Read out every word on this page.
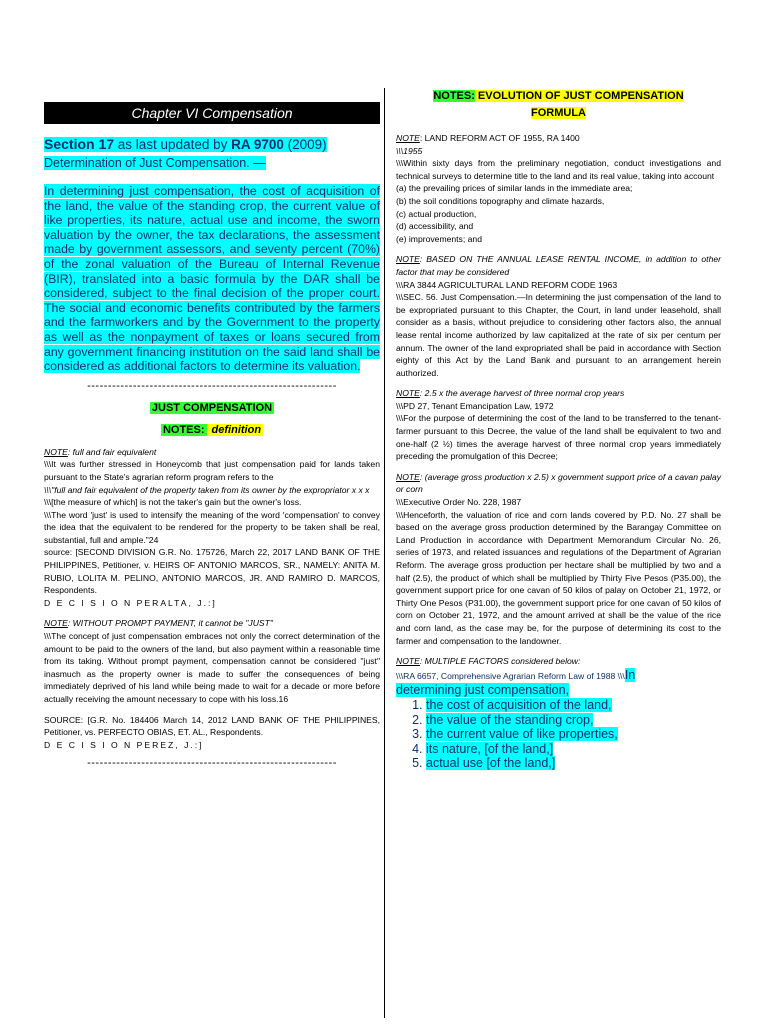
Chapter VI Compensation
Section 17 as last updated by RA 9700 (2009)
Determination of Just Compensation. —
In determining just compensation, the cost of acquisition of the land, the value of the standing crop, the current value of like properties, its nature, actual use and income, the sworn valuation by the owner, the tax declarations, the assessment made by government assessors, and seventy percent (70%) of the zonal valuation of the Bureau of Internal Revenue (BIR), translated into a basic formula by the DAR shall be considered, subject to the final decision of the proper court. The social and economic benefits contributed by the farmers and the farmworkers and by the Government to the property as well as the nonpayment of taxes or loans secured from any government financing institution on the said land shall be considered as additional factors to determine its valuation.
------------------------------------------------------------
JUST COMPENSATION
NOTES: definition

NOTE: full and fair equivalent

\\\It was further stressed in Honeycomb that just compensation paid for lands taken pursuant to the State's agrarian reform program refers to the

\\\"full and fair equivalent of the property taken from its owner by the expropriator x x x

\\\[the measure of which] is not the taker's gain but the owner's loss.

\\\The word 'just' is used to intensify the meaning of the word 'compensation' to convey the idea that the equivalent to be rendered for the property to be taken shall be real, substantial, full and ample."24

source: [SECOND DIVISION G.R. No. 175726, March 22, 2017 LAND BANK OF THE PHILIPPINES, Petitioner, v. HEIRS OF ANTONIO MARCOS, SR., NAMELY: ANITA M. RUBIO, LOLITA M. PELINO, ANTONIO MARCOS, JR. AND RAMIRO D. MARCOS, Respondents.

D E C I S I O N PERALTA, J.:]

NOTE: WITHOUT PROMPT PAYMENT, it cannot be "JUST"

\\\The concept of just compensation embraces not only the correct determination of the amount to be paid to the owners of the land, but also payment within a reasonable time from its taking. Without prompt payment, compensation cannot be considered "just" inasmuch as the property owner is made to suffer the consequences of being immediately deprived of his land while being made to wait for a decade or more before actually receiving the amount necessary to cope with his loss.16

SOURCE: [G.R. No. 184406 March 14, 2012 LAND BANK OF THE PHILIPPINES, Petitioner, vs. PERFECTO OBIAS, ET. AL., Respondents.

D E C I S I O N PEREZ, J.:]

------------------------------------------------------------
NOTES: EVOLUTION OF JUST COMPENSATION
FORMULA

NOTE: LAND REFORM ACT OF 1955, RA 1400

\\\1955

\\\Within sixty days from the preliminary negotiation, conduct investigations and technical surveys to determine title to the land and its real value, taking into account

(a) the prevailing prices of similar lands in the immediate area;

(b) the soil conditions topography and climate hazards,

(c) actual production,

(d) accessibility, and

(e) improvements; and

NOTE: BASED ON THE ANNUAL LEASE RENTAL INCOME, in addition to other factor that may be considered

\\\RA 3844 AGRICULTURAL LAND REFORM CODE 1963

\\\SEC. 56. Just Compensation.—In determining the just compensation of the land to be expropriated pursuant to this Chapter, the Court, in land under leasehold, shall consider as a basis, without prejudice to considering other factors also, the annual lease rental income authorized by law capitalized at the rate of six per centum per annum. The owner of the land expropriated shall be paid in accordance with Section eighty of this Act by the Land Bank and pursuant to an arrangement herein authorized.

NOTE: 2.5 x the average harvest of three normal crop years

\\\PD 27, Tenant Emancipation Law, 1972

\\\For the purpose of determining the cost of the land to be transferred to the tenant-farmer pursuant to this Decree, the value of the land shall be equivalent to two and one-half (2 ½) times the average harvest of three normal crop years immediately preceding the promulgation of this Decree;

NOTE: (average gross production x 2.5) x government support price of a cavan palay or corn

\\\Executive Order No. 228, 1987

\\\Henceforth, the valuation of rice and corn lands covered by P.D. No. 27 shall be based on the average gross production determined by the Barangay Committee on Land Production in accordance with Department Memorandum Circular No. 26, series of 1973, and related issuances and regulations of the Department of Agrarian Reform. The average gross production per hectare shall be multiplied by two and a half (2.5), the product of which shall be multiplied by Thirty Five Pesos (P35.00), the government support price for one cavan of 50 kilos of palay on October 21, 1972, or Thirty One Pesos (P31.00), the government support price for one cavan of 50 kilos of corn on October 21, 1972, and the amount arrived at shall be the value of the rice and corn land, as the case may be, for the purpose of determining its cost to the farmer and compensation to the landowner.

NOTE: MULTIPLE FACTORS considered below:

\\\RA 6657, Comprehensive Agrarian Reform Law of 1988 \\\In
determining just compensation,
1. the cost of acquisition of the land,
2. the value of the standing crop,
3. the current value of like properties,
4. its nature, [of the land,]
5. actual use [of the land,]
